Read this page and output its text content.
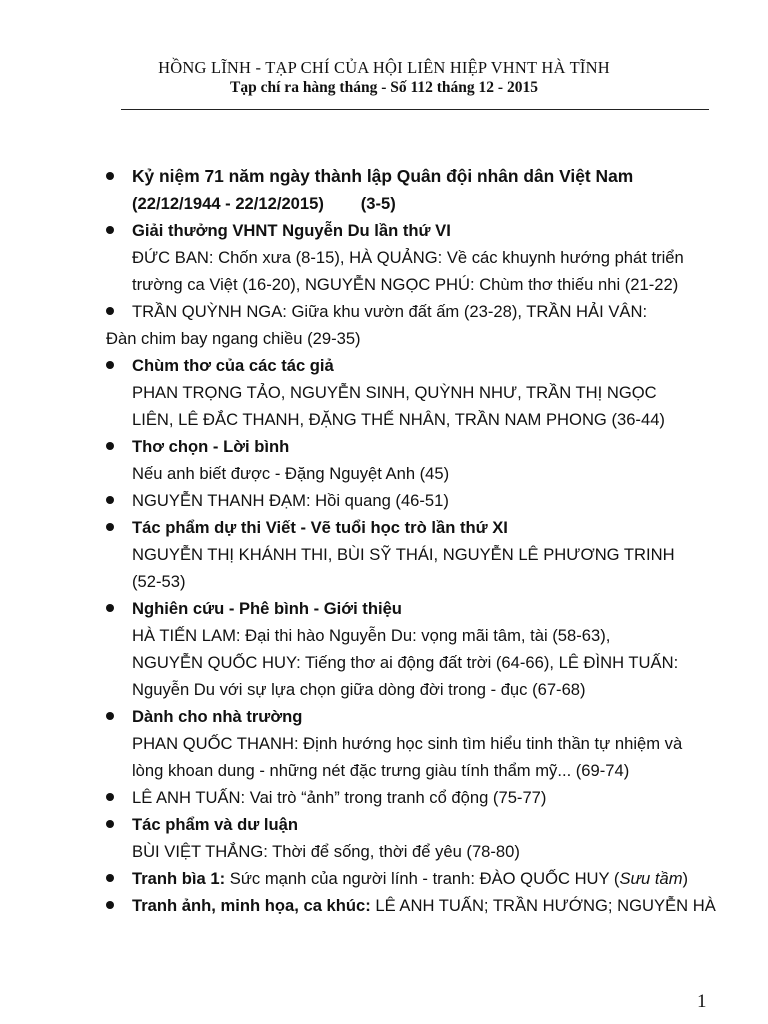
HỒNG LĨNH - TẠP CHÍ CỦA HỘI LIÊN HIỆP VHNT HÀ TĨNH
Tạp chí ra hàng tháng - Số 112 tháng 12 - 2015
Kỷ niệm 71 năm ngày thành lập Quân đội nhân dân Việt Nam
(22/12/1944 - 22/12/2015)        (3-5)
Giải thưởng VHNT Nguyễn Du lần thứ VI
ĐỨC BAN: Chốn xưa (8-15), HÀ QUẢNG: Về các khuynh hướng phát triển
trường ca Việt (16-20), NGUYỄN NGỌC PHÚ: Chùm thơ thiếu nhi (21-22)
TRẦN QUỲNH NGA: Giữa khu vườn đất ấm (23-28), TRẦN HẢI VÂN:
Đàn chim bay ngang chiều (29-35)
Chùm thơ của các tác giả
PHAN TRỌNG TẢO, NGUYỄN SINH, QUỲNH NHƯ, TRẦN THỊ NGỌC
LIÊN, LÊ ĐẮC THANH, ĐẶNG THẾ NHÂN, TRẦN NAM PHONG (36-44)
Thơ chọn - Lời bình
Nếu anh biết được - Đặng Nguyệt Anh (45)
NGUYỄN THANH ĐẠM: Hồi quang (46-51)
Tác phẩm dự thi Viết - Vẽ tuổi học trò lần thứ XI
NGUYỄN THỊ KHÁNH THI, BÙI SỸ THÁI, NGUYỄN LÊ PHƯƠNG TRINH
(52-53)
Nghiên cứu - Phê bình - Giới thiệu
HÀ TIẾN LAM: Đại thi hào Nguyễn Du: vọng mãi tâm, tài (58-63),
NGUYỄN QUỐC HUY: Tiếng thơ ai động đất trời (64-66), LÊ ĐÌNH TUẤN:
Nguyễn Du với sự lựa chọn giữa dòng đời trong - đục (67-68)
Dành cho nhà trường
PHAN QUỐC THANH: Định hướng học sinh tìm hiểu tinh thần tự nhiệm và
lòng khoan dung - những nét đặc trưng giàu tính thẩm mỹ... (69-74)
LÊ ANH TUẤN: Vai trò “ảnh” trong tranh cổ động (75-77)
Tác phẩm và dư luận
BÙI VIỆT THẮNG: Thời để sống, thời để yêu (78-80)
Tranh bìa 1: Sức mạnh của người lính - tranh: ĐÀO QUỐC HUY (Sưu tầm)
Tranh ảnh, minh họa, ca khúc: LÊ ANH TUẤN; TRẦN HƯỚNG; NGUYỄN HÀ
1
